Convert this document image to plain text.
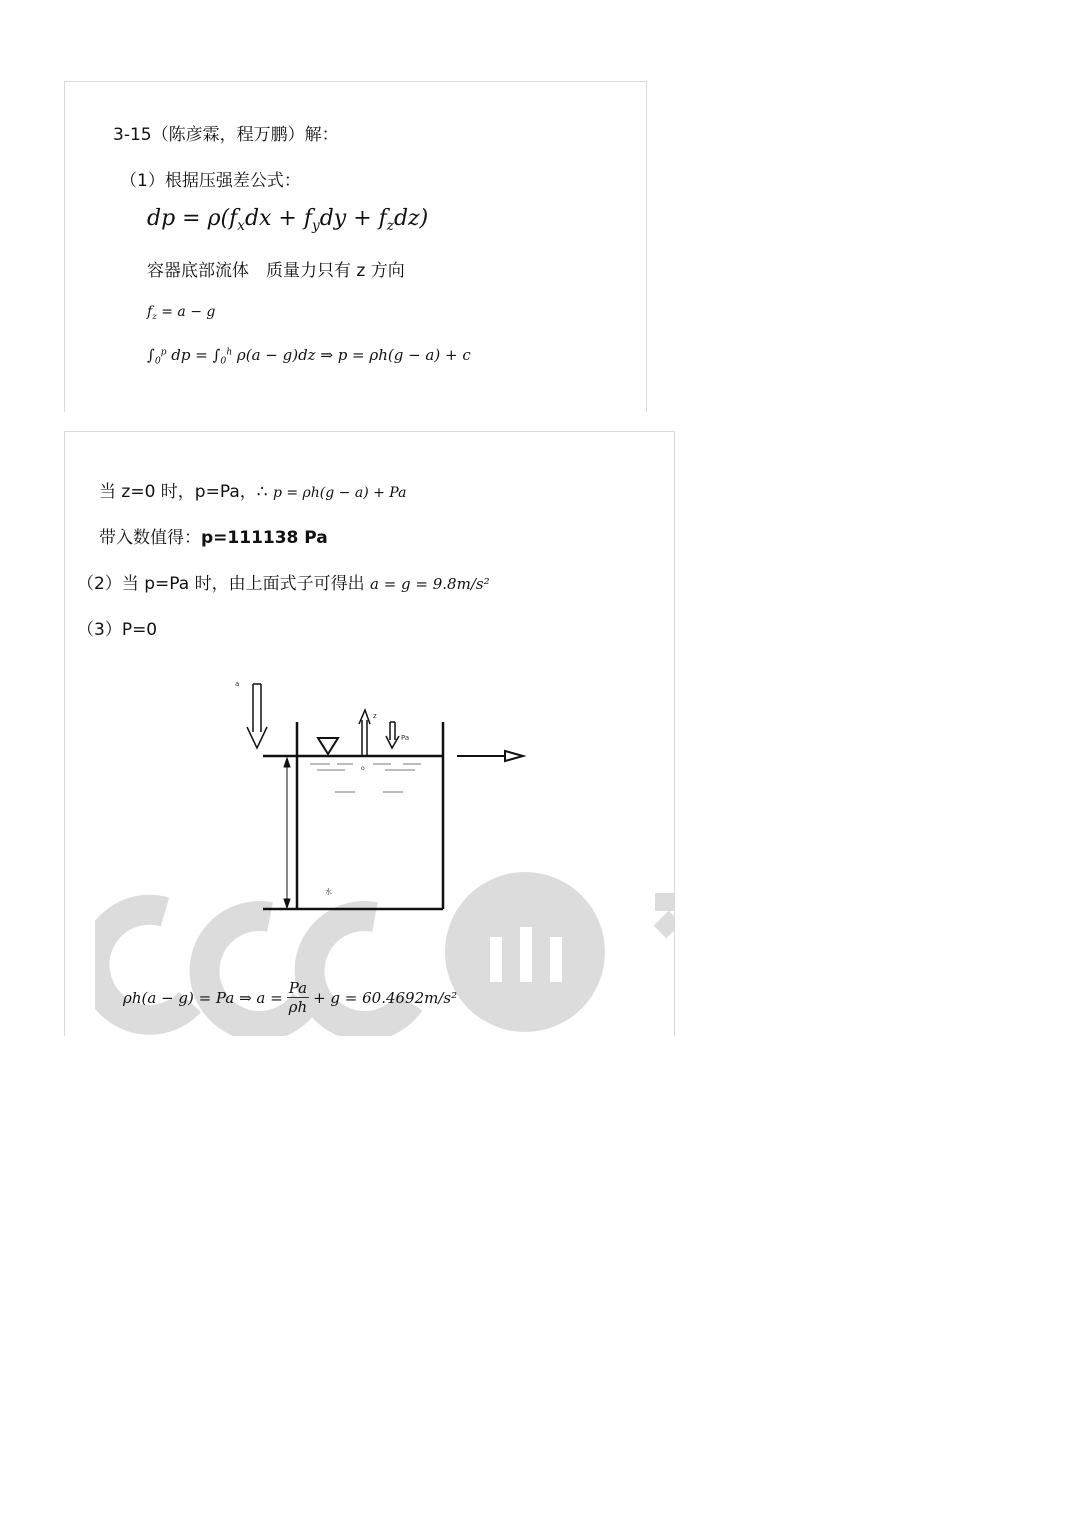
3-15（陈彦霖，程万鹏）解：
（1）根据压强差公式：
dp = $\rho(f_xdx + f_ydy + f_zdz)$
容器底部流体　质量力只有 z 方向
$f_z = a - g$
$\int_0^p$ dp = $\int_0^h$ ρ(a − g)dz ⇒ p = ρh(g − a) + c
当 z=0 时，p=Pa，∴ p = ρh(g − a) + Pa
带入数值得：p=111138 Pa
（2）当 p=Pa 时，由上面式子可得出 a = g = 9.8m/s²
（3）P=0
a
z
Pa
o
水
ρh(a − g) = Pa ⇒ $a = \frac{Pa}{\rho h} + g = 60.4692m/s^2$
